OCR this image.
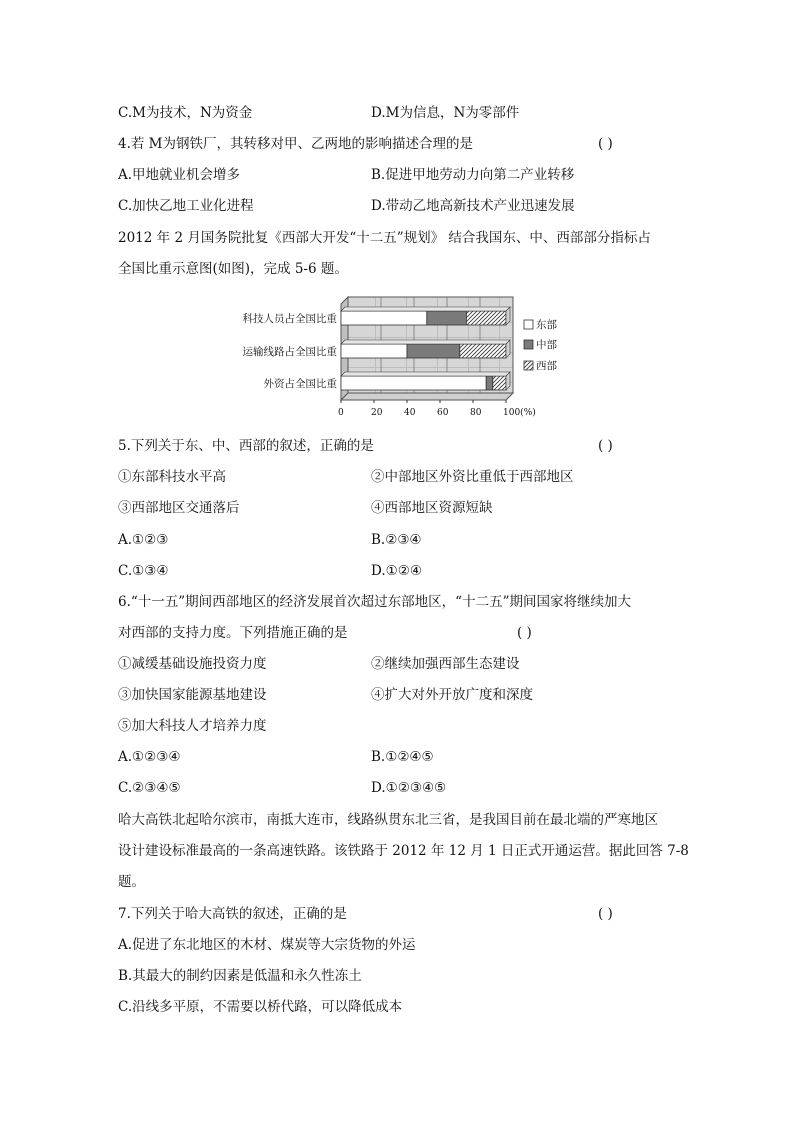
C.M为技术，N为资金	D.M为信息，N为零部件
4.若 M为钢铁厂，其转移对甲、乙两地的影响描述合理的是	( )
A.甲地就业机会增多	B.促进甲地劳动力向第二产业转移
C.加快乙地工业化进程	D.带动乙地高新技术产业迅速发展
2012 年 2 月国务院批复《西部大开发“十二五”规划》 结合我国东、中、西部部分指标占
全国比重示意图(如图)，完成 5-6 题。
0	20 40 60 80 100(%)
科技人员占全国比重
运输线路占全国比重
外资占全国比重
东部
中部
西部
5.下列关于东、中、西部的叙述，正确的是	( )
①东部科技水平高	②中部地区外资比重低于西部地区
③西部地区交通落后	④西部地区资源短缺
A.①②③	B.②③④
C.①③④	D.①②④
6.“十一五”期间西部地区的经济发展首次超过东部地区，“十二五”期间国家将继续加大
对西部的支持力度。下列措施正确的是	( )
①减缓基础设施投资力度	②继续加强西部生态建设
③加快国家能源基地建设	④扩大对外开放广度和深度
⑤加大科技人才培养力度
A.①②③④	B.①②④⑤
C.②③④⑤	D.①②③④⑤
哈大高铁北起哈尔滨市，南抵大连市，线路纵贯东北三省，是我国目前在最北端的严寒地区
设计建设标准最高的一条高速铁路。该铁路于 2012 年 12 月 1 日正式开通运营。据此回答 7-8
题。
7.下列关于哈大高铁的叙述，正确的是	( )
A.促进了东北地区的木材、煤炭等大宗货物的外运
B.其最大的制约因素是低温和永久性冻土
C.沿线多平原，不需要以桥代路，可以降低成本
